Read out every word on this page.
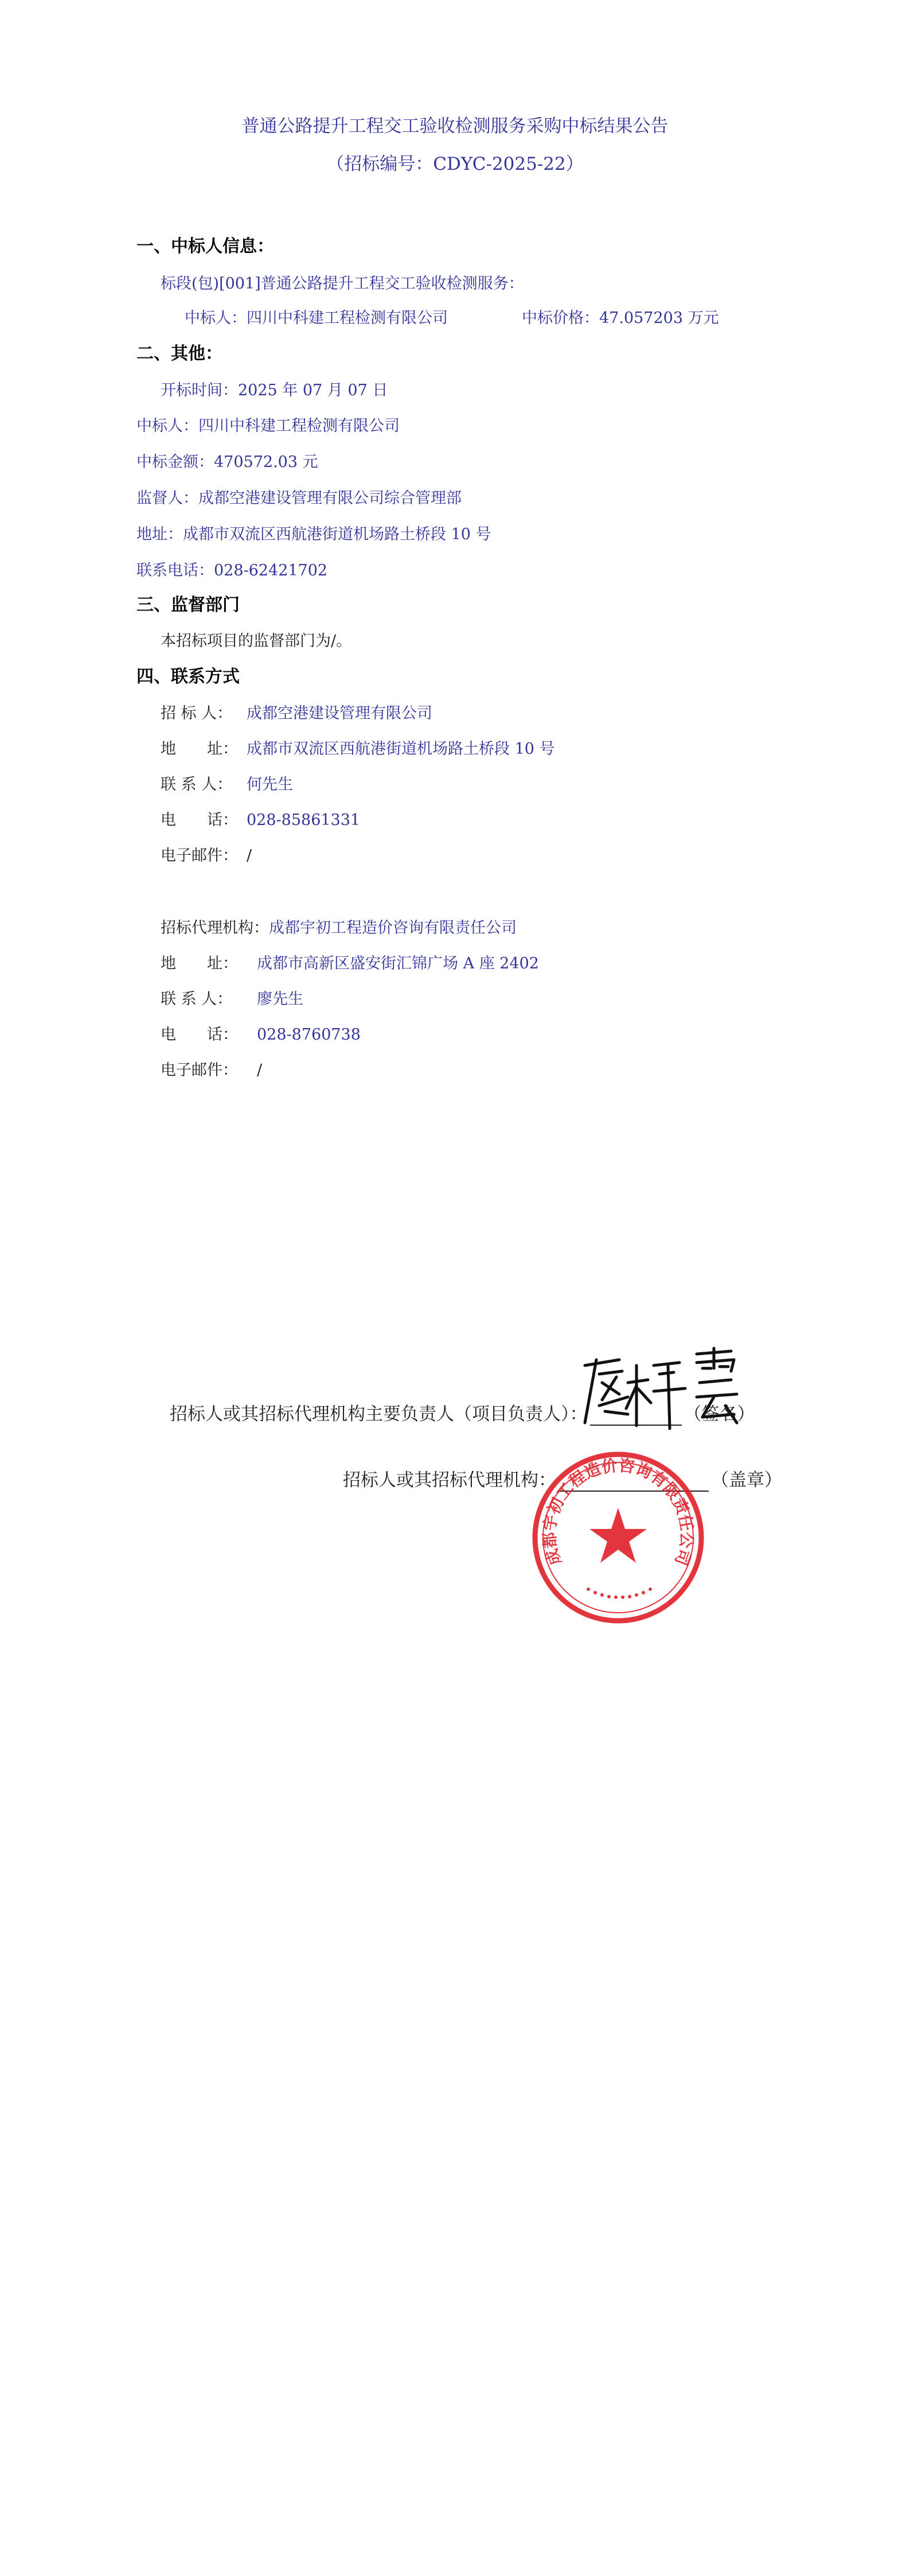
普通公路提升工程交工验收检测服务采购中标结果公告
（招标编号：CDYC-2025-22）
一、中标人信息：
标段(包)[001]普通公路提升工程交工验收检测服务：
中标人：四川中科建工程检测有限公司	中标价格：47.057203 万元
二、其他：
开标时间：2025 年 07 月 07 日
中标人：四川中科建工程检测有限公司
中标金额：470572.03 元
监督人：成都空港建设管理有限公司综合管理部
地址：成都市双流区西航港街道机场路土桥段 10 号
联系电话：028-62421702
三、监督部门
本招标项目的监督部门为/。
四、联系方式
招 标 人： 成都空港建设管理有限公司
地　　址： 成都市双流区西航港街道机场路土桥段 10 号
联 系 人： 何先生
电　　话： 028-85861331
电子邮件： /
招标代理机构：成都宇初工程造价咨询有限责任公司
地　　址： 成都市高新区盛安街汇锦广场 A 座 2402
联 系 人： 廖先生
电　　话： 028-8760738
电子邮件： /
招标人或其招标代理机构主要负责人（项目负责人）：	（签名）
招标人或其招标代理机构：	（盖章）
成都宇初工程造价咨询有限责任公司
